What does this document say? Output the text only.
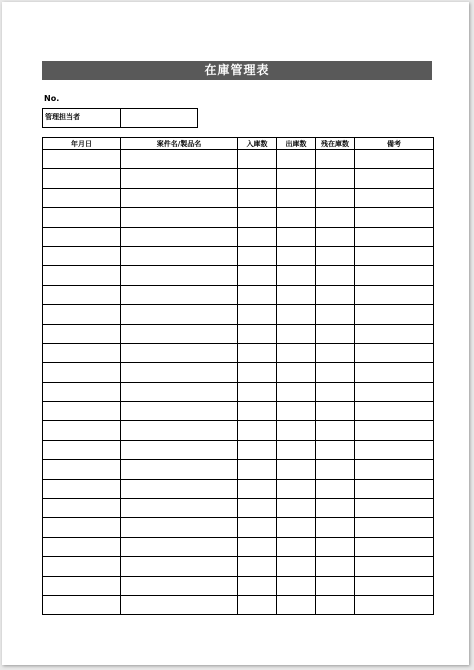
在庫管理表
No.
管理担当者
年月日	案件名/製品名	入庫数	出庫数	残在庫数	備考
